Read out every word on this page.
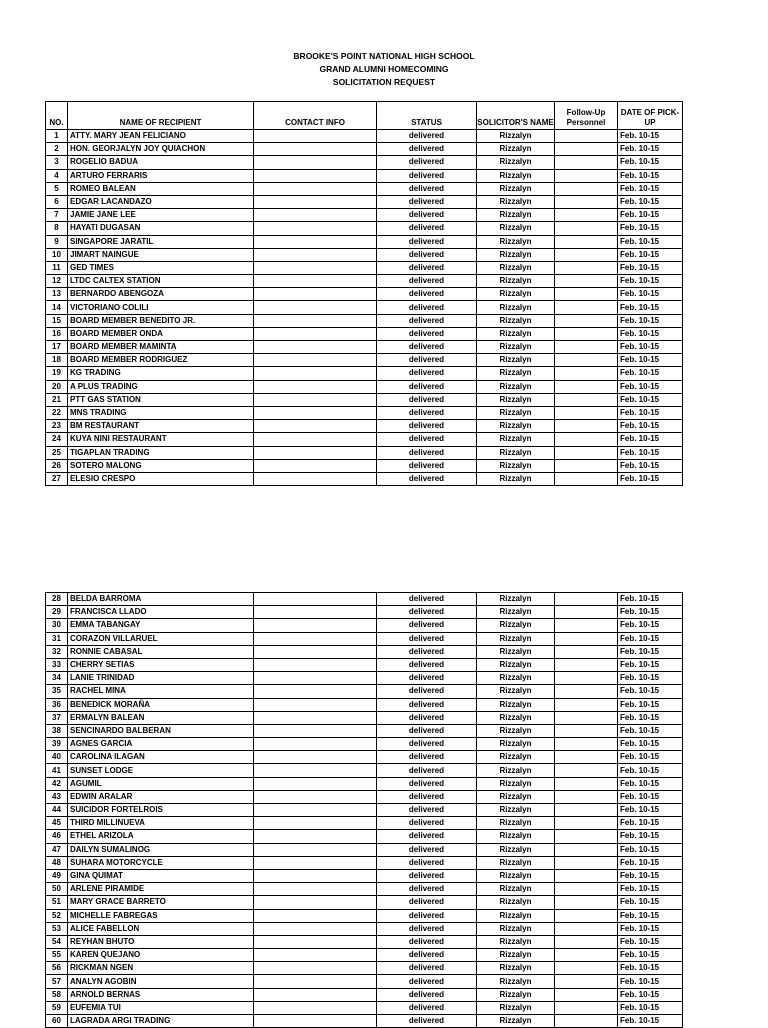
BROOKE'S POINT NATIONAL HIGH SCHOOL
GRAND ALUMNI HOMECOMING
SOLICITATION REQUEST
NO.	NAME OF RECIPIENT	CONTACT INFO	STATUS	SOLICITOR'S NAME	Follow-Up Personnel	DATE OF PICK-UP
1	ATTY. MARY JEAN FELICIANO		delivered	Rizzalyn		Feb. 10-15
2	HON. GEORJALYN JOY QUIACHON		delivered	Rizzalyn		Feb. 10-15
3	ROGELIO BADUA		delivered	Rizzalyn		Feb. 10-15
4	ARTURO FERRARIS		delivered	Rizzalyn		Feb. 10-15
5	ROMEO BALEAN		delivered	Rizzalyn		Feb. 10-15
6	EDGAR LACANDAZO		delivered	Rizzalyn		Feb. 10-15
7	JAMIE JANE LEE		delivered	Rizzalyn		Feb. 10-15
8	HAYATI DUGASAN		delivered	Rizzalyn		Feb. 10-15
9	SINGAPORE JARATIL		delivered	Rizzalyn		Feb. 10-15
10	JIMART NAINGUE		delivered	Rizzalyn		Feb. 10-15
11	GED TIMES		delivered	Rizzalyn		Feb. 10-15
12	LTDC CALTEX STATION		delivered	Rizzalyn		Feb. 10-15
13	BERNARDO ABENGOZA		delivered	Rizzalyn		Feb. 10-15
14	VICTORIANO COLILI		delivered	Rizzalyn		Feb. 10-15
15	BOARD MEMBER BENEDITO JR.		delivered	Rizzalyn		Feb. 10-15
16	BOARD MEMBER ONDA		delivered	Rizzalyn		Feb. 10-15
17	BOARD MEMBER MAMINTA		delivered	Rizzalyn		Feb. 10-15
18	BOARD MEMBER RODRIGUEZ		delivered	Rizzalyn		Feb. 10-15
19	KG TRADING		delivered	Rizzalyn		Feb. 10-15
20	A PLUS TRADING		delivered	Rizzalyn		Feb. 10-15
21	PTT GAS STATION		delivered	Rizzalyn		Feb. 10-15
22	MNS TRADING		delivered	Rizzalyn		Feb. 10-15
23	BM RESTAURANT		delivered	Rizzalyn		Feb. 10-15
24	KUYA NINI RESTAURANT		delivered	Rizzalyn		Feb. 10-15
25	TIGAPLAN TRADING		delivered	Rizzalyn		Feb. 10-15
26	SOTERO MALONG		delivered	Rizzalyn		Feb. 10-15
27	ELESIO CRESPO		delivered	Rizzalyn		Feb. 10-15
28	BELDA BARROMA		delivered	Rizzalyn		Feb. 10-15
29	FRANCISCA LLADO		delivered	Rizzalyn		Feb. 10-15
30	EMMA TABANGAY		delivered	Rizzalyn		Feb. 10-15
31	CORAZON VILLARUEL		delivered	Rizzalyn		Feb. 10-15
32	RONNIE CABASAL		delivered	Rizzalyn		Feb. 10-15
33	CHERRY SETIAS		delivered	Rizzalyn		Feb. 10-15
34	LANIE TRINIDAD		delivered	Rizzalyn		Feb. 10-15
35	RACHEL MINA		delivered	Rizzalyn		Feb. 10-15
36	BENEDICK MORAÑA		delivered	Rizzalyn		Feb. 10-15
37	ERMALYN BALEAN		delivered	Rizzalyn		Feb. 10-15
38	SENCINARDO BALBERAN		delivered	Rizzalyn		Feb. 10-15
39	AGNES GARCIA		delivered	Rizzalyn		Feb. 10-15
40	CAROLINA ILAGAN		delivered	Rizzalyn		Feb. 10-15
41	SUNSET LODGE		delivered	Rizzalyn		Feb. 10-15
42	AGUMIL		delivered	Rizzalyn		Feb. 10-15
43	EDWIN ARALAR		delivered	Rizzalyn		Feb. 10-15
44	SUICIDOR FORTELROIS		delivered	Rizzalyn		Feb. 10-15
45	THIRD MILLINUEVA		delivered	Rizzalyn		Feb. 10-15
46	ETHEL ARIZOLA		delivered	Rizzalyn		Feb. 10-15
47	DAILYN SUMALINOG		delivered	Rizzalyn		Feb. 10-15
48	SUHARA MOTORCYCLE		delivered	Rizzalyn		Feb. 10-15
49	GINA QUIMAT		delivered	Rizzalyn		Feb. 10-15
50	ARLENE PIRAMIDE		delivered	Rizzalyn		Feb. 10-15
51	MARY GRACE BARRETO		delivered	Rizzalyn		Feb. 10-15
52	MICHELLE FABREGAS		delivered	Rizzalyn		Feb. 10-15
53	ALICE FABELLON		delivered	Rizzalyn		Feb. 10-15
54	REYHAN BHUTO		delivered	Rizzalyn		Feb. 10-15
55	KAREN QUEJANO		delivered	Rizzalyn		Feb. 10-15
56	RICKMAN NGEN		delivered	Rizzalyn		Feb. 10-15
57	ANALYN AGOBIN		delivered	Rizzalyn		Feb. 10-15
58	ARNOLD BERNAS		delivered	Rizzalyn		Feb. 10-15
59	EUFEMIA TUI		delivered	Rizzalyn		Feb. 10-15
60	LAGRADA ARGI TRADING		delivered	Rizzalyn		Feb. 10-15
